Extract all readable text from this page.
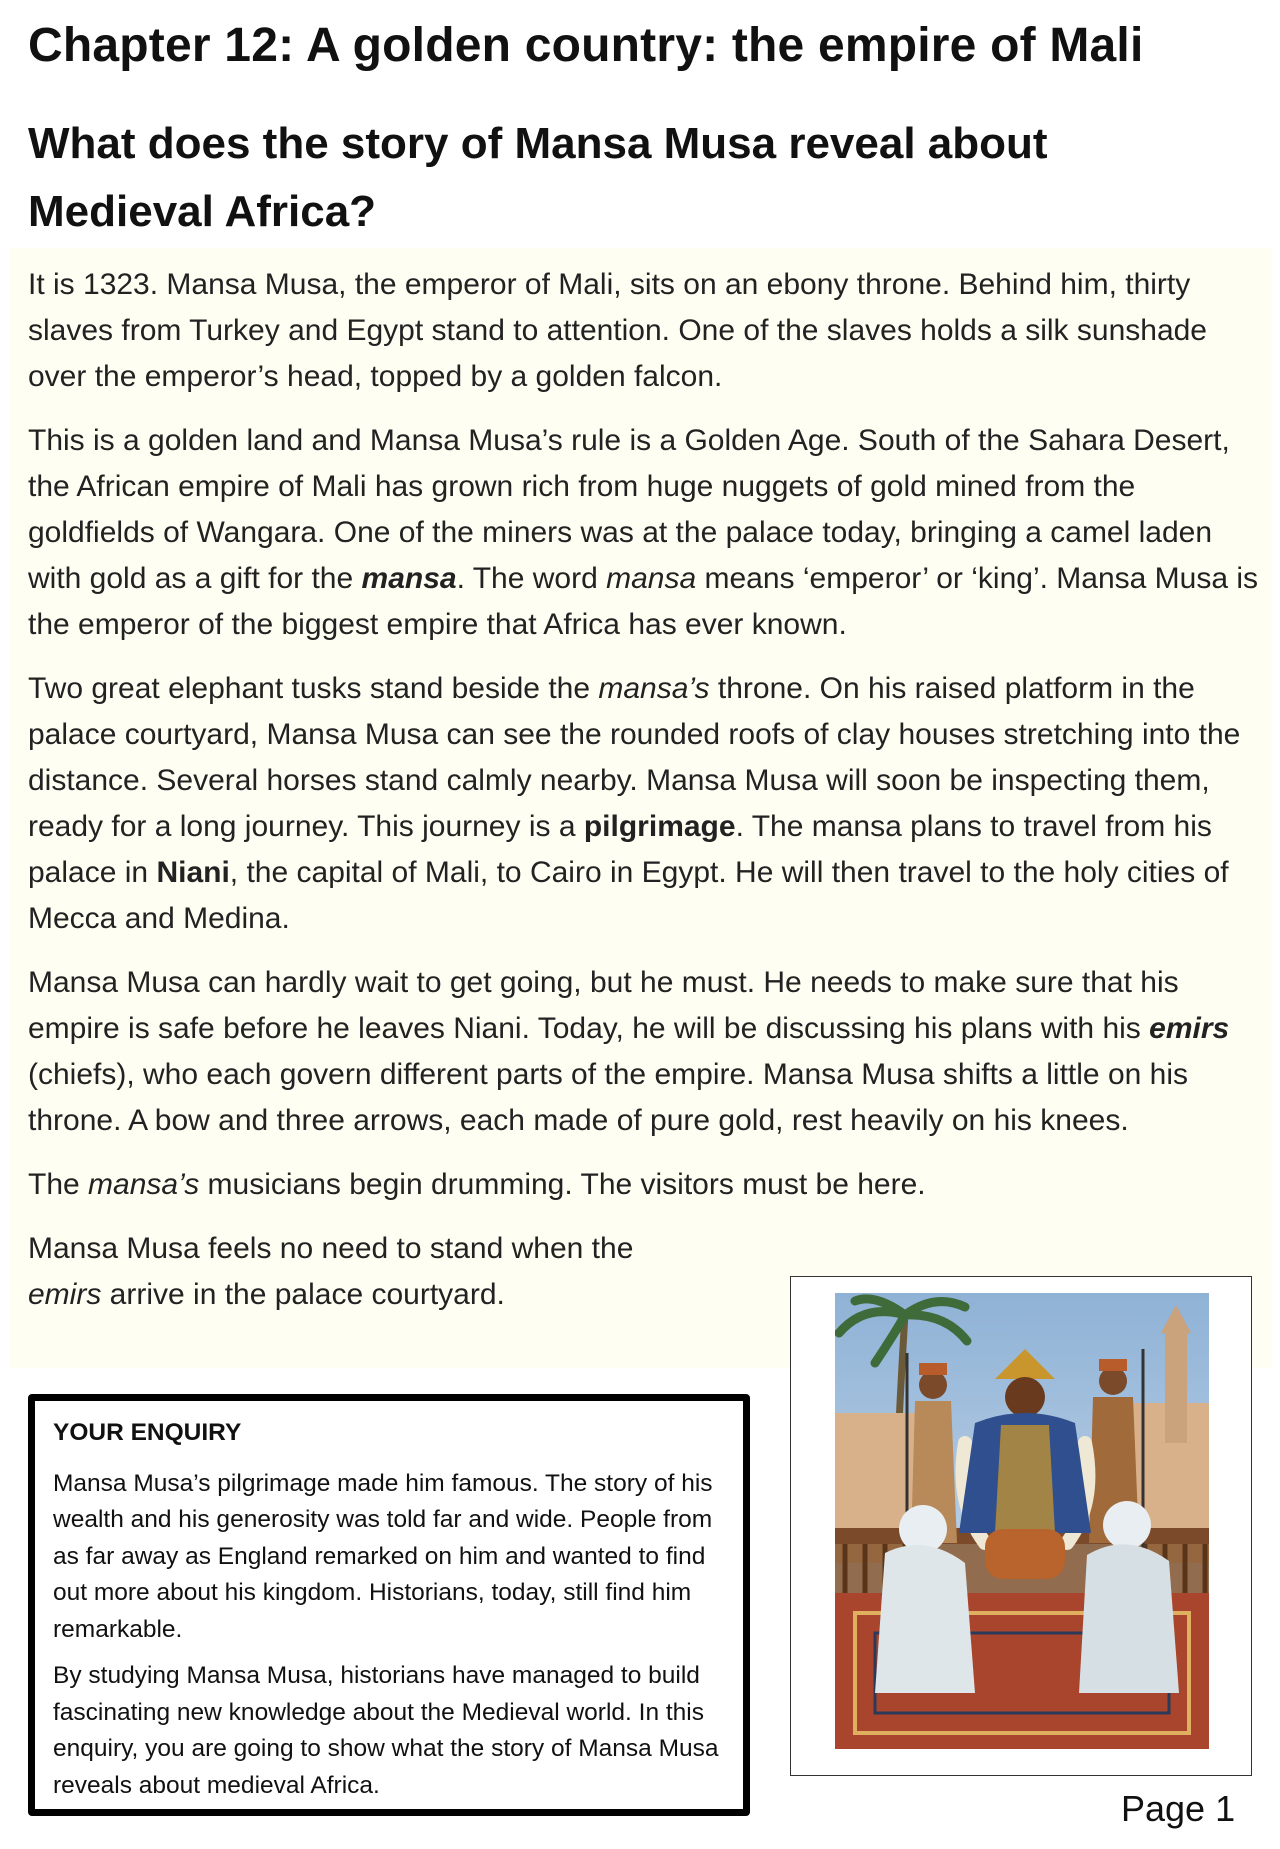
Chapter 12: A golden country: the empire of Mali
What does the story of Mansa Musa reveal about Medieval Africa?

It is 1323. Mansa Musa, the emperor of Mali, sits on an ebony throne. Behind him, thirty slaves from Turkey and Egypt stand to attention. One of the slaves holds a silk sunshade over the emperor’s head, topped by a golden falcon.

This is a golden land and Mansa Musa’s rule is a Golden Age. South of the Sahara Desert, the African empire of Mali has grown rich from huge nuggets of gold mined from the goldfields of Wangara. One of the miners was at the palace today, bringing a camel laden with gold as a gift for the mansa. The word mansa means ‘emperor’ or ‘king’. Mansa Musa is the emperor of the biggest empire that Africa has ever known.

Two great elephant tusks stand beside the mansa’s throne. On his raised platform in the palace courtyard, Mansa Musa can see the rounded roofs of clay houses stretching into the distance. Several horses stand calmly nearby. Mansa Musa will soon be inspecting them, ready for a long journey. This journey is a pilgrimage. The mansa plans to travel from his palace in Niani, the capital of Mali, to Cairo in Egypt. He will then travel to the holy cities of Mecca and Medina.

Mansa Musa can hardly wait to get going, but he must. He needs to make sure that his empire is safe before he leaves Niani. Today, he will be discussing his plans with his emirs (chiefs), who each govern different parts of the empire. Mansa Musa shifts a little on his throne. A bow and three arrows, each made of pure gold, rest heavily on his knees.

The mansa’s musicians begin drumming. The visitors must be here.

Mansa Musa feels no need to stand when the emirs arrive in the palace courtyard.

YOUR ENQUIRY

Mansa Musa’s pilgrimage made him famous. The story of his wealth and his generosity was told far and wide. People from as far away as England remarked on him and wanted to find out more about his kingdom. Historians, today, still find him remarkable.

By studying Mansa Musa, historians have managed to build fascinating new knowledge about the Medieval world. In this enquiry, you are going to show what the story of Mansa Musa reveals about medieval Africa.

Page 1
